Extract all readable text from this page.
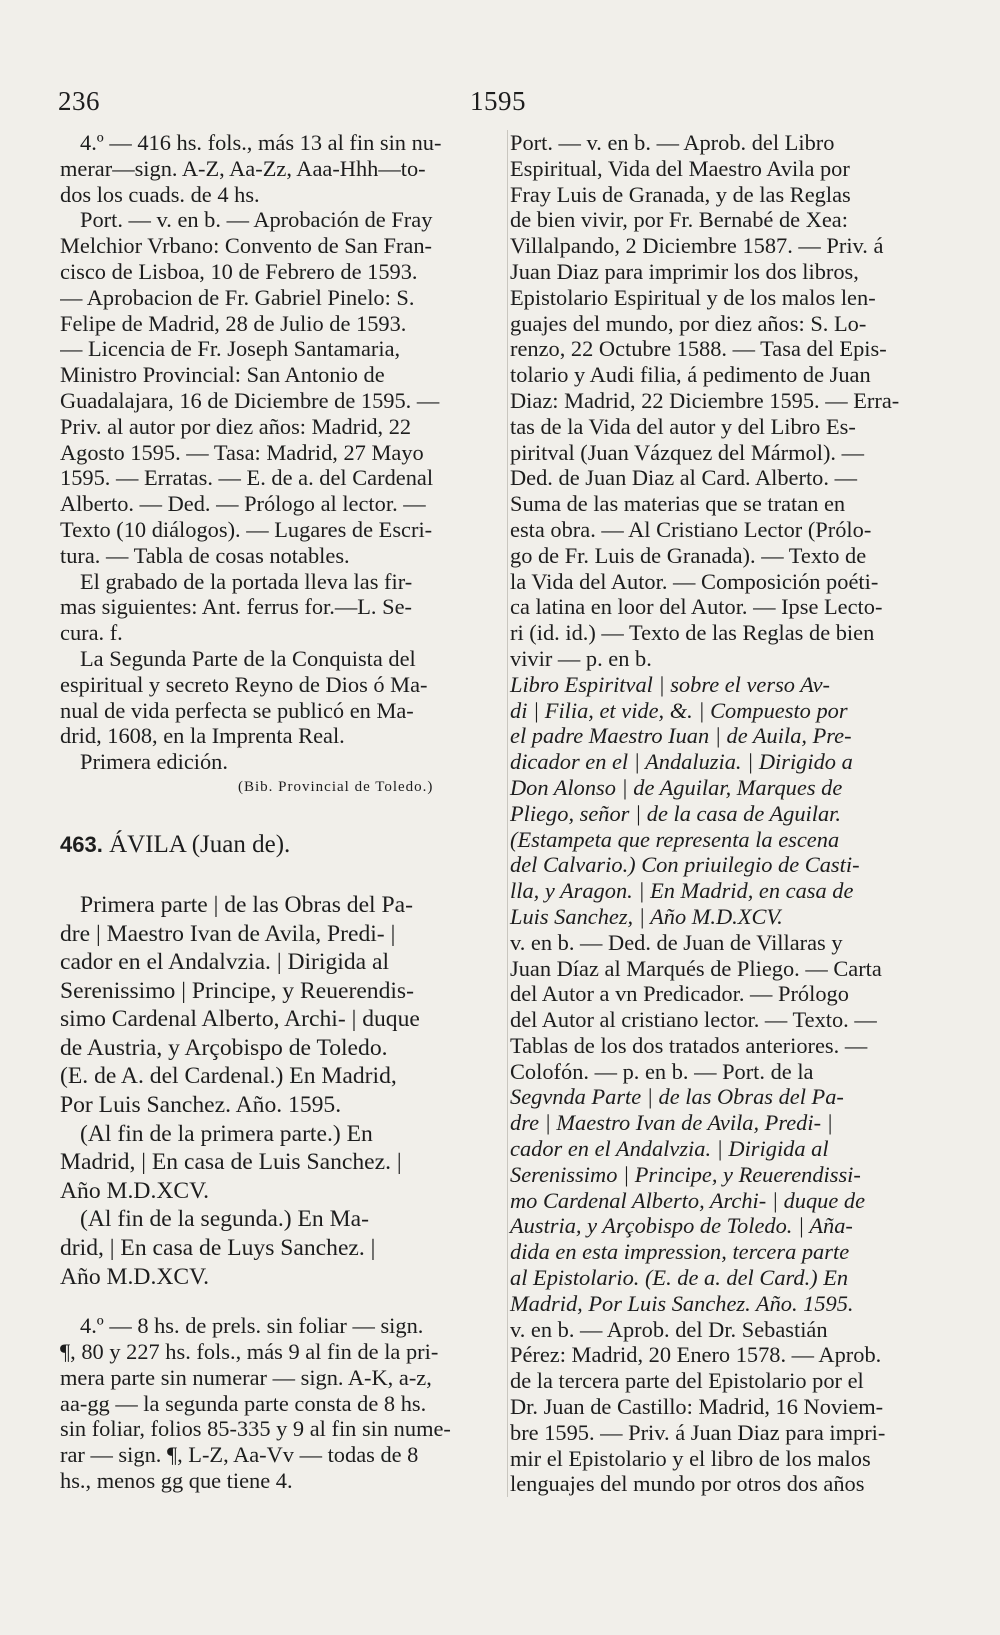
236	1595
4.º — 416 hs. fols., más 13 al fin sin nu-
merar—sign. A-Z, Aa-Zz, Aaa-Hhh—to-
dos los cuads. de 4 hs.
Port. — v. en b. — Aprobación de Fray
Melchior Vrbano: Convento de San Fran-
cisco de Lisboa, 10 de Febrero de 1593.
— Aprobacion de Fr. Gabriel Pinelo: S.
Felipe de Madrid, 28 de Julio de 1593.
— Licencia de Fr. Joseph Santamaria,
Ministro Provincial: San Antonio de
Guadalajara, 16 de Diciembre de 1595. —
Priv. al autor por diez años: Madrid, 22
Agosto 1595. — Tasa: Madrid, 27 Mayo
1595. — Erratas. — E. de a. del Cardenal
Alberto. — Ded. — Prólogo al lector. —
Texto (10 diálogos). — Lugares de Escri-
tura. — Tabla de cosas notables.
El grabado de la portada lleva las fir-
mas siguientes: Ant. ferrus for.—L. Se-
cura. f.
La Segunda Parte de la Conquista del
espiritual y secreto Reyno de Dios ó Ma-
nual de vida perfecta se publicó en Ma-
drid, 1608, en la Imprenta Real.
Primera edición.
(Bib. Provincial de Toledo.)
463. ÁVILA (Juan de).
Primera parte | de las Obras del Pa-
dre | Maestro Ivan de Avila, Predi- |
cador en el Andalvzia. | Dirigida al
Serenissimo | Principe, y Reuerendis-
simo Cardenal Alberto, Archi- | duque
de Austria, y Arçobispo de Toledo.
(E. de A. del Cardenal.) En Madrid,
Por Luis Sanchez. Año. 1595.
(Al fin de la primera parte.) En
Madrid, | En casa de Luis Sanchez. |
Año M.D.XCV.
(Al fin de la segunda.) En Ma-
drid, | En casa de Luys Sanchez. |
Año M.D.XCV.
4.º — 8 hs. de prels. sin foliar — sign.
¶, 80 y 227 hs. fols., más 9 al fin de la pri-
mera parte sin numerar — sign. A-K, a-z,
aa-gg — la segunda parte consta de 8 hs.
sin foliar, folios 85-335 y 9 al fin sin nume-
rar — sign. ¶, L-Z, Aa-Vv — todas de 8
hs., menos gg que tiene 4.
Port. — v. en b. — Aprob. del Libro
Espiritual, Vida del Maestro Avila por
Fray Luis de Granada, y de las Reglas
de bien vivir, por Fr. Bernabé de Xea:
Villalpando, 2 Diciembre 1587. — Priv. á
Juan Diaz para imprimir los dos libros,
Epistolario Espiritual y de los malos len-
guajes del mundo, por diez años: S. Lo-
renzo, 22 Octubre 1588. — Tasa del Epis-
tolario y Audi filia, á pedimento de Juan
Diaz: Madrid, 22 Diciembre 1595. — Erra-
tas de la Vida del autor y del Libro Es-
piritval (Juan Vázquez del Mármol). —
Ded. de Juan Diaz al Card. Alberto. —
Suma de las materias que se tratan en
esta obra. — Al Cristiano Lector (Prólo-
go de Fr. Luis de Granada). — Texto de
la Vida del Autor. — Composición poéti-
ca latina en loor del Autor. — Ipse Lecto-
ri (id. id.) — Texto de las Reglas de bien
vivir — p. en b.
Libro Espiritval | sobre el verso Av-
di | Filia, et vide, &. | Compuesto por
el padre Maestro Iuan | de Auila, Pre-
dicador en el | Andaluzia. | Dirigido a
Don Alonso | de Aguilar, Marques de
Pliego, señor | de la casa de Aguilar.
(Estampeta que representa la escena
del Calvario.) Con priuilegio de Casti-
lla, y Aragon. | En Madrid, en casa de
Luis Sanchez, | Año M.D.XCV.
v. en b. — Ded. de Juan de Villaras y
Juan Díaz al Marqués de Pliego. — Carta
del Autor a vn Predicador. — Prólogo
del Autor al cristiano lector. — Texto. —
Tablas de los dos tratados anteriores. —
Colofón. — p. en b. — Port. de la
Segvnda Parte | de las Obras del Pa-
dre | Maestro Ivan de Avila, Predi- |
cador en el Andalvzia. | Dirigida al
Serenissimo | Principe, y Reuerendissi-
mo Cardenal Alberto, Archi- | duque de
Austria, y Arçobispo de Toledo. | Aña-
dida en esta impression, tercera parte
al Epistolario. (E. de a. del Card.) En
Madrid, Por Luis Sanchez. Año. 1595.
v. en b. — Aprob. del Dr. Sebastián
Pérez: Madrid, 20 Enero 1578. — Aprob.
de la tercera parte del Epistolario por el
Dr. Juan de Castillo: Madrid, 16 Noviem-
bre 1595. — Priv. á Juan Diaz para impri-
mir el Epistolario y el libro de los malos
lenguajes del mundo por otros dos años
